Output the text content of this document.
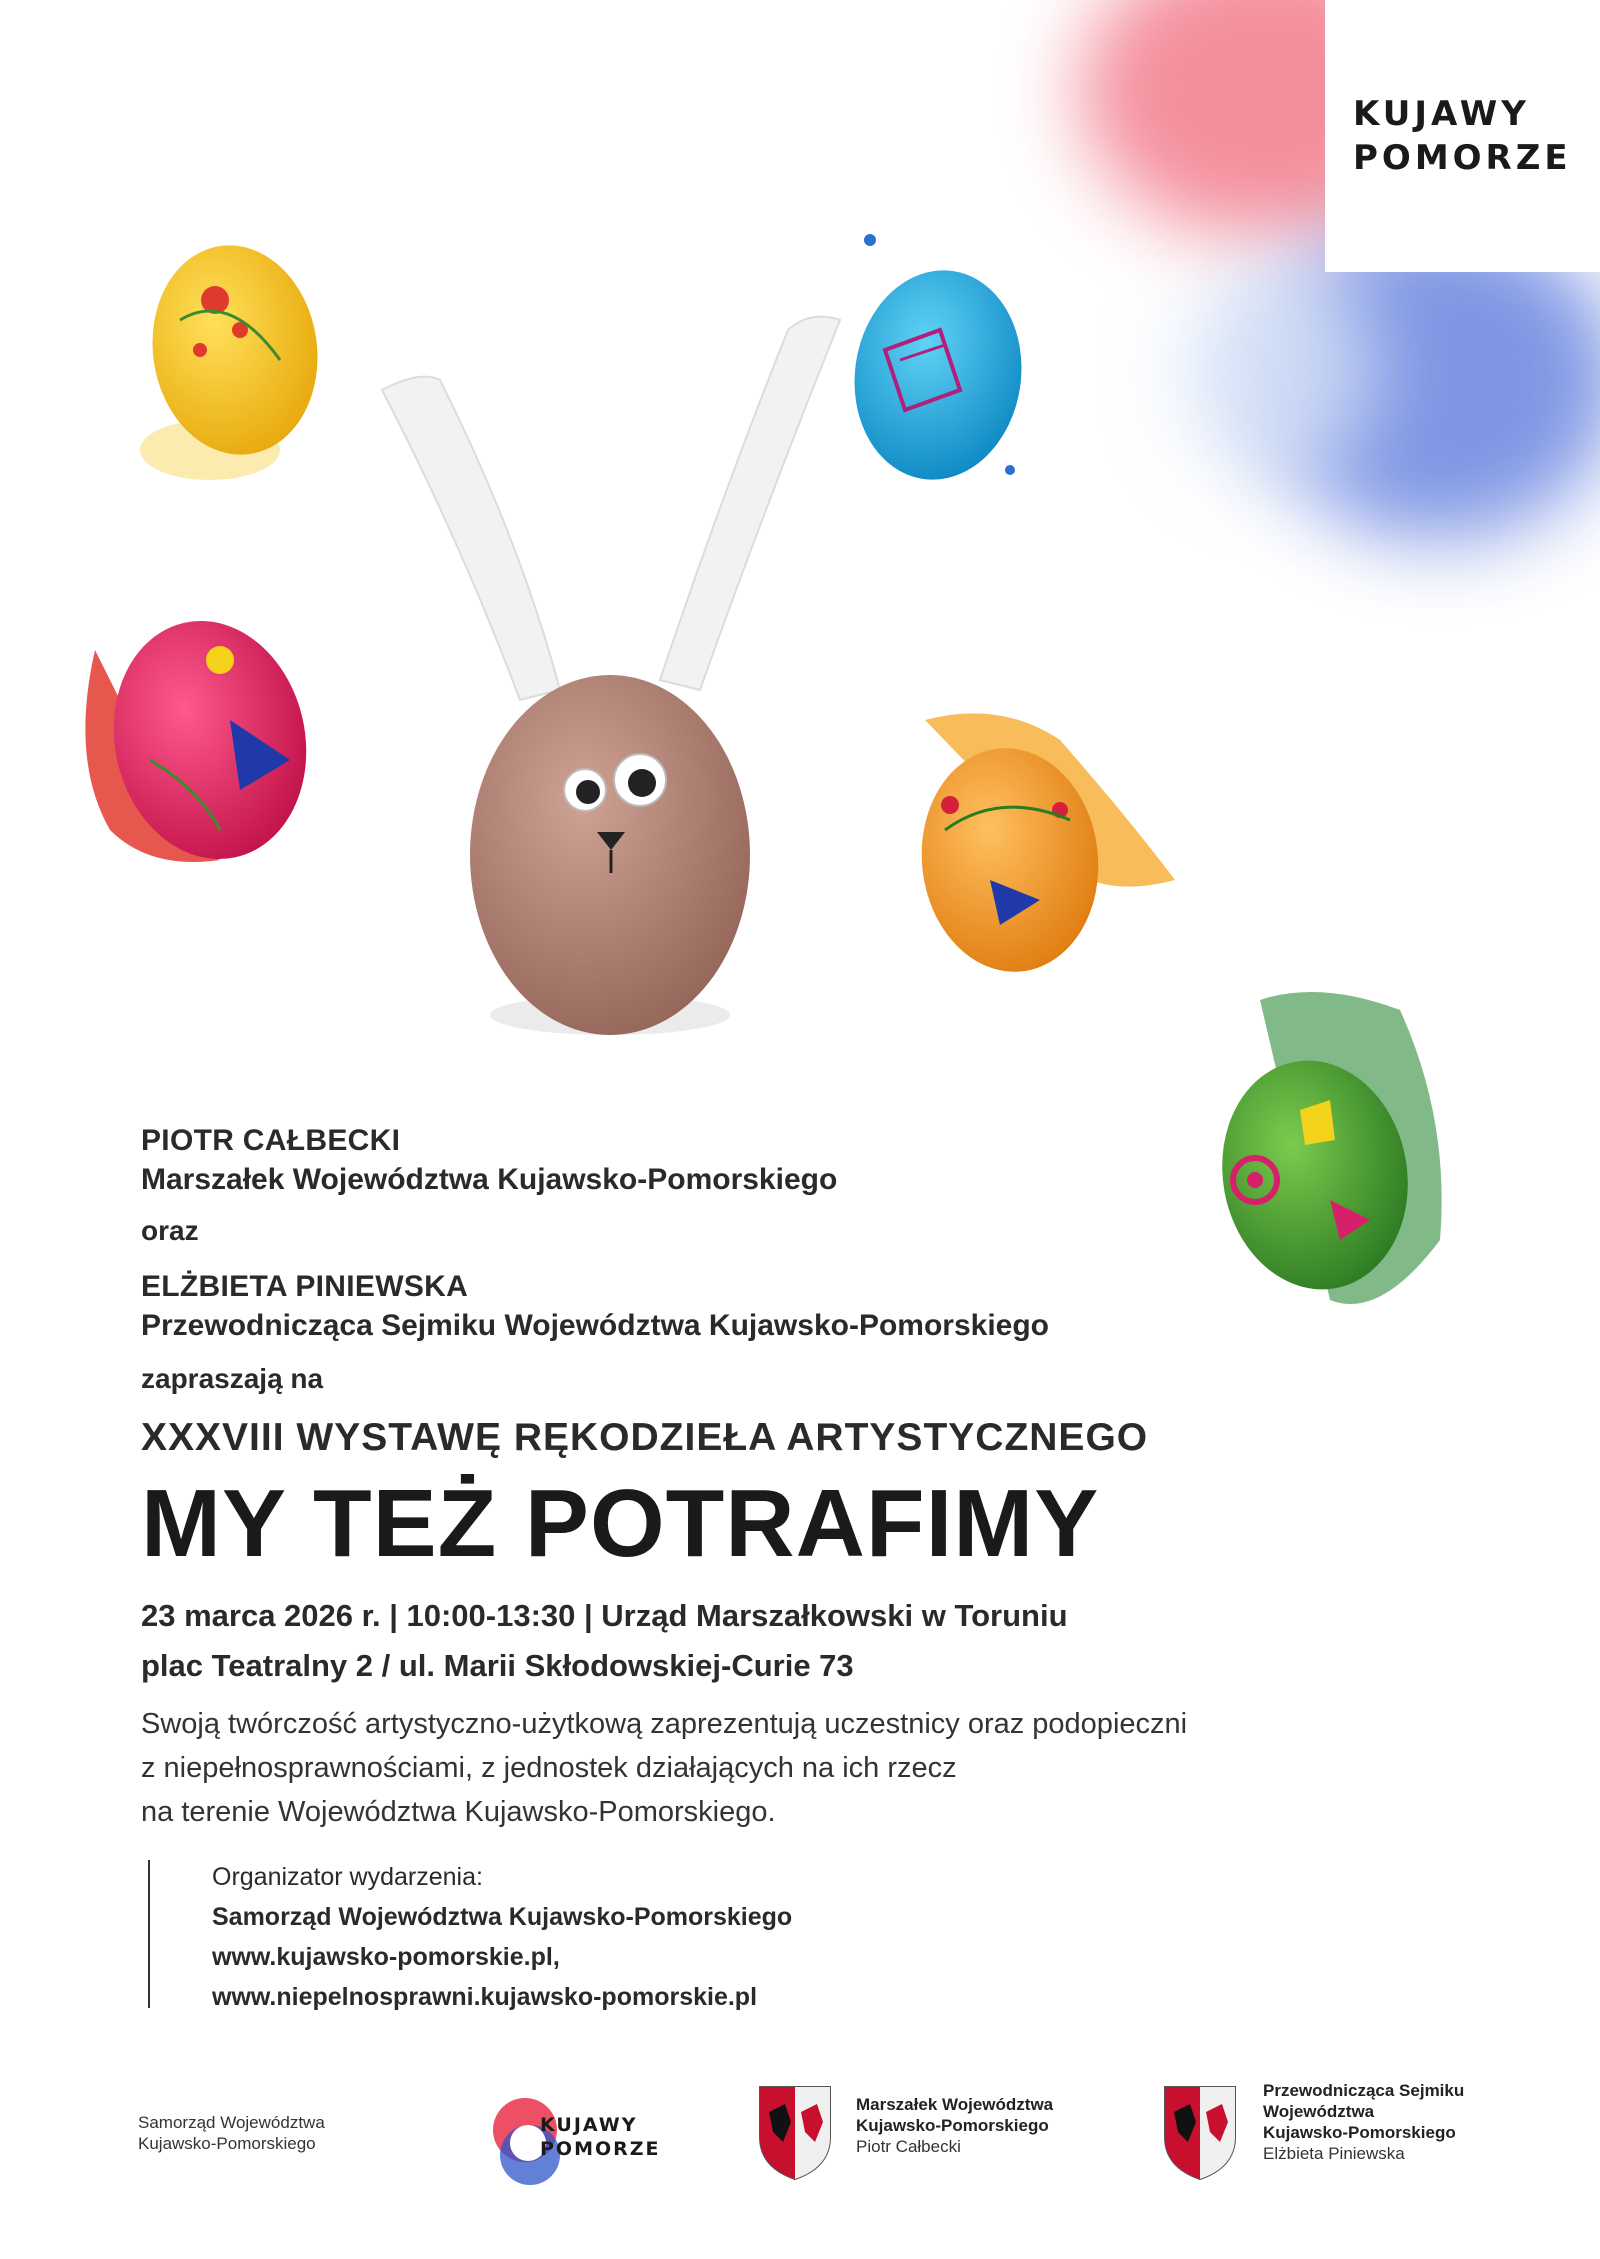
KUJAWY
POMORZE

PIOTR CAŁBECKI

Marszałek Województwa Kujawsko-Pomorskiego

oraz

ELŻBIETA PINIEWSKA

Przewodnicząca Sejmiku Województwa Kujawsko-Pomorskiego

zapraszają na

XXXVIII WYSTAWĘ RĘKODZIEŁA ARTYSTYCZNEGO

MY TEŻ POTRAFIMY

23 marca 2026 r. | 10:00-13:30 | Urząd Marszałkowski w Toruniu

plac Teatralny 2 / ul. Marii Skłodowskiej-Curie 73

Swoją twórczość artystyczno-użytkową zaprezentują uczestnicy oraz podopieczni

z niepełnosprawnościami, z jednostek działających na ich rzecz

na terenie Województwa Kujawsko-Pomorskiego.

Organizator wydarzenia:

Samorząd Województwa Kujawsko-Pomorskiego

www.kujawsko-pomorskie.pl,

www.niepelnosprawni.kujawsko-pomorskie.pl

Samorząd Województwa
Kujawsko-Pomorskiego
KUJAWY
POMORZE
Marszałek Województwa
Kujawsko-Pomorskiego
Piotr Całbecki
Przewodnicząca Sejmiku
Województwa
Kujawsko-Pomorskiego
Elżbieta Piniewska
